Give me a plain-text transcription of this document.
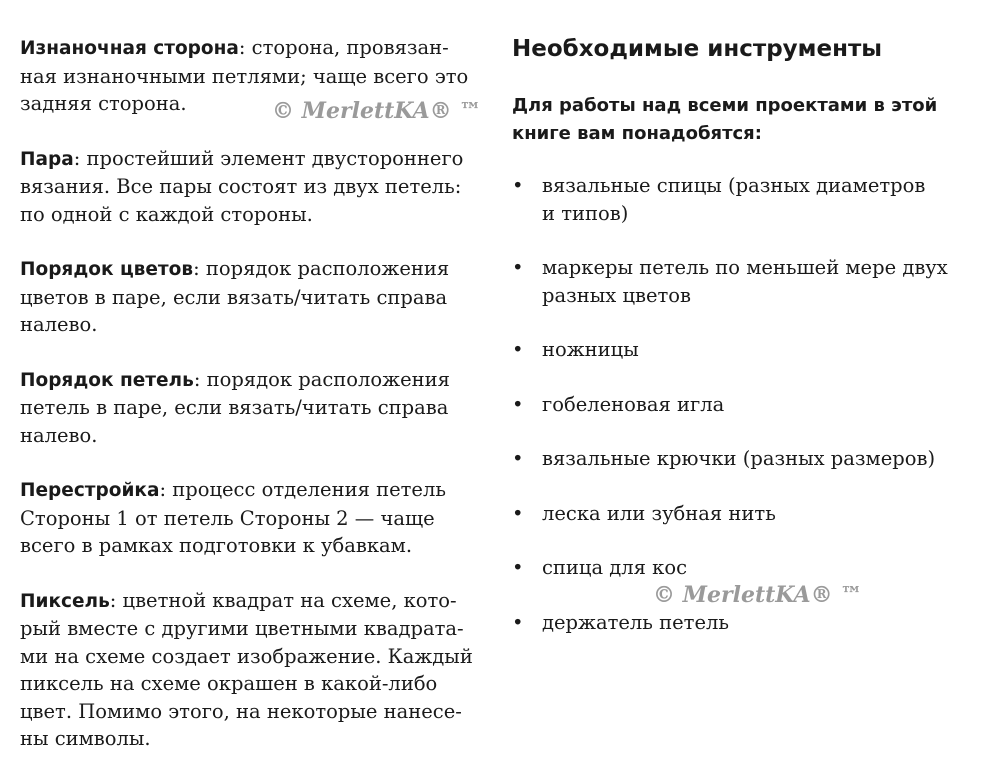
Изнаночная сторона: сторона, провязан-
ная изнаночными петлями; чаще всего это
задняя сторона.

Пара: простейший элемент двустороннего
вязания. Все пары состоят из двух петель:
по одной с каждой стороны.

Порядок цветов: порядок расположения
цветов в паре, если вязать/читать справа
налево.

Порядок петель: порядок расположения
петель в паре, если вязать/читать справа
налево.

Перестройка: процесс отделения петель
Стороны 1 от петель Стороны 2 — чаще
всего в рамках подготовки к убавкам.

Пиксель: цветной квадрат на схеме, кото-
рый вместе с другими цветными квадрата-
ми на схеме создает изображение. Каждый
пиксель на схеме окрашен в какой-либо
цвет. Помимо этого, на некоторые нанесе-
ны символы.

Необходимые инструменты

Для работы над всеми проектами в этой
книге вам понадобятся:

• вязальные спицы (разных диаметров
и типов)
• маркеры петель по меньшей мере двух
разных цветов
• ножницы
• гобеленовая игла
• вязальные крючки (разных размеров)
• леска или зубная нить
• спица для кос
• держатель петель
© MerlettKA® ™
© MerlettKA® ™
